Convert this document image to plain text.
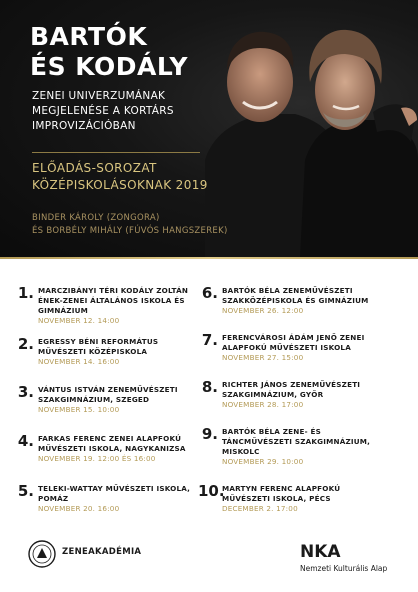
BARTÓK
ÉS KODÁLY
ZENEI UNIVERZUMÁNAK
MEGJELENÉSE A KORTÁRS
IMPROVIZÁCIÓBAN
ELŐADÁS-SOROZAT
KÖZÉPISKOLÁSOKNAK 2019
BINDER KÁROLY (ZONGORA)
ÉS BORBÉLY MIHÁLY (FÚVÓS HANGSZEREK)
1. MARCZIBÁNYI TÉRI KODÁLY ZOLTÁN
ÉNEK-ZENEI ÁLTALÁNOS ISKOLA ÉS
GIMNÁZIUM
NOVEMBER 12. 14:00
2. EGRESSY BÉNI REFORMÁTUS
MŰVÉSZETI KÖZÉPISKOLA
NOVEMBER 14. 16:00
3. VÁNTUS ISTVÁN ZENEMŰVÉSZETI
SZAKGIMNÁZIUM, SZEGED
NOVEMBER 15. 10:00
4. FARKAS FERENC ZENEI ALAPFOKÚ
MŰVÉSZETI ISKOLA, NAGYKANIZSA
NOVEMBER 19. 12:00 ÉS 16:00
5. TELEKI-WATTAY MŰVÉSZETI ISKOLA,
POMÁZ
NOVEMBER 20. 16:00
6. BARTÓK BÉLA ZENEMŰVÉSZETI
SZAKKÖZÉPISKOLA ÉS GIMNÁZIUM
NOVEMBER 26. 12:00
7. FERENCVÁROSI ÁDÁM JENŐ ZENEI
ALAPFOKÚ MŰVÉSZETI ISKOLA
NOVEMBER 27. 15:00
8. RICHTER JÁNOS ZENEMŰVÉSZETI
SZAKGIMNÁZIUM, GYŐR
NOVEMBER 28. 17:00
9. BARTÓK BÉLA ZENE- ÉS
TÁNCMŰVÉSZETI SZAKGIMNÁZIUM,
MISKOLC
NOVEMBER 29. 10:00
10.
MARTYN FERENC ALAPFOKÚ
MŰVÉSZETI ISKOLA, PÉCS
DECEMBER 2. 17:00
ZENEAKADÉMIA	NKA
Nemzeti Kulturális Alap
